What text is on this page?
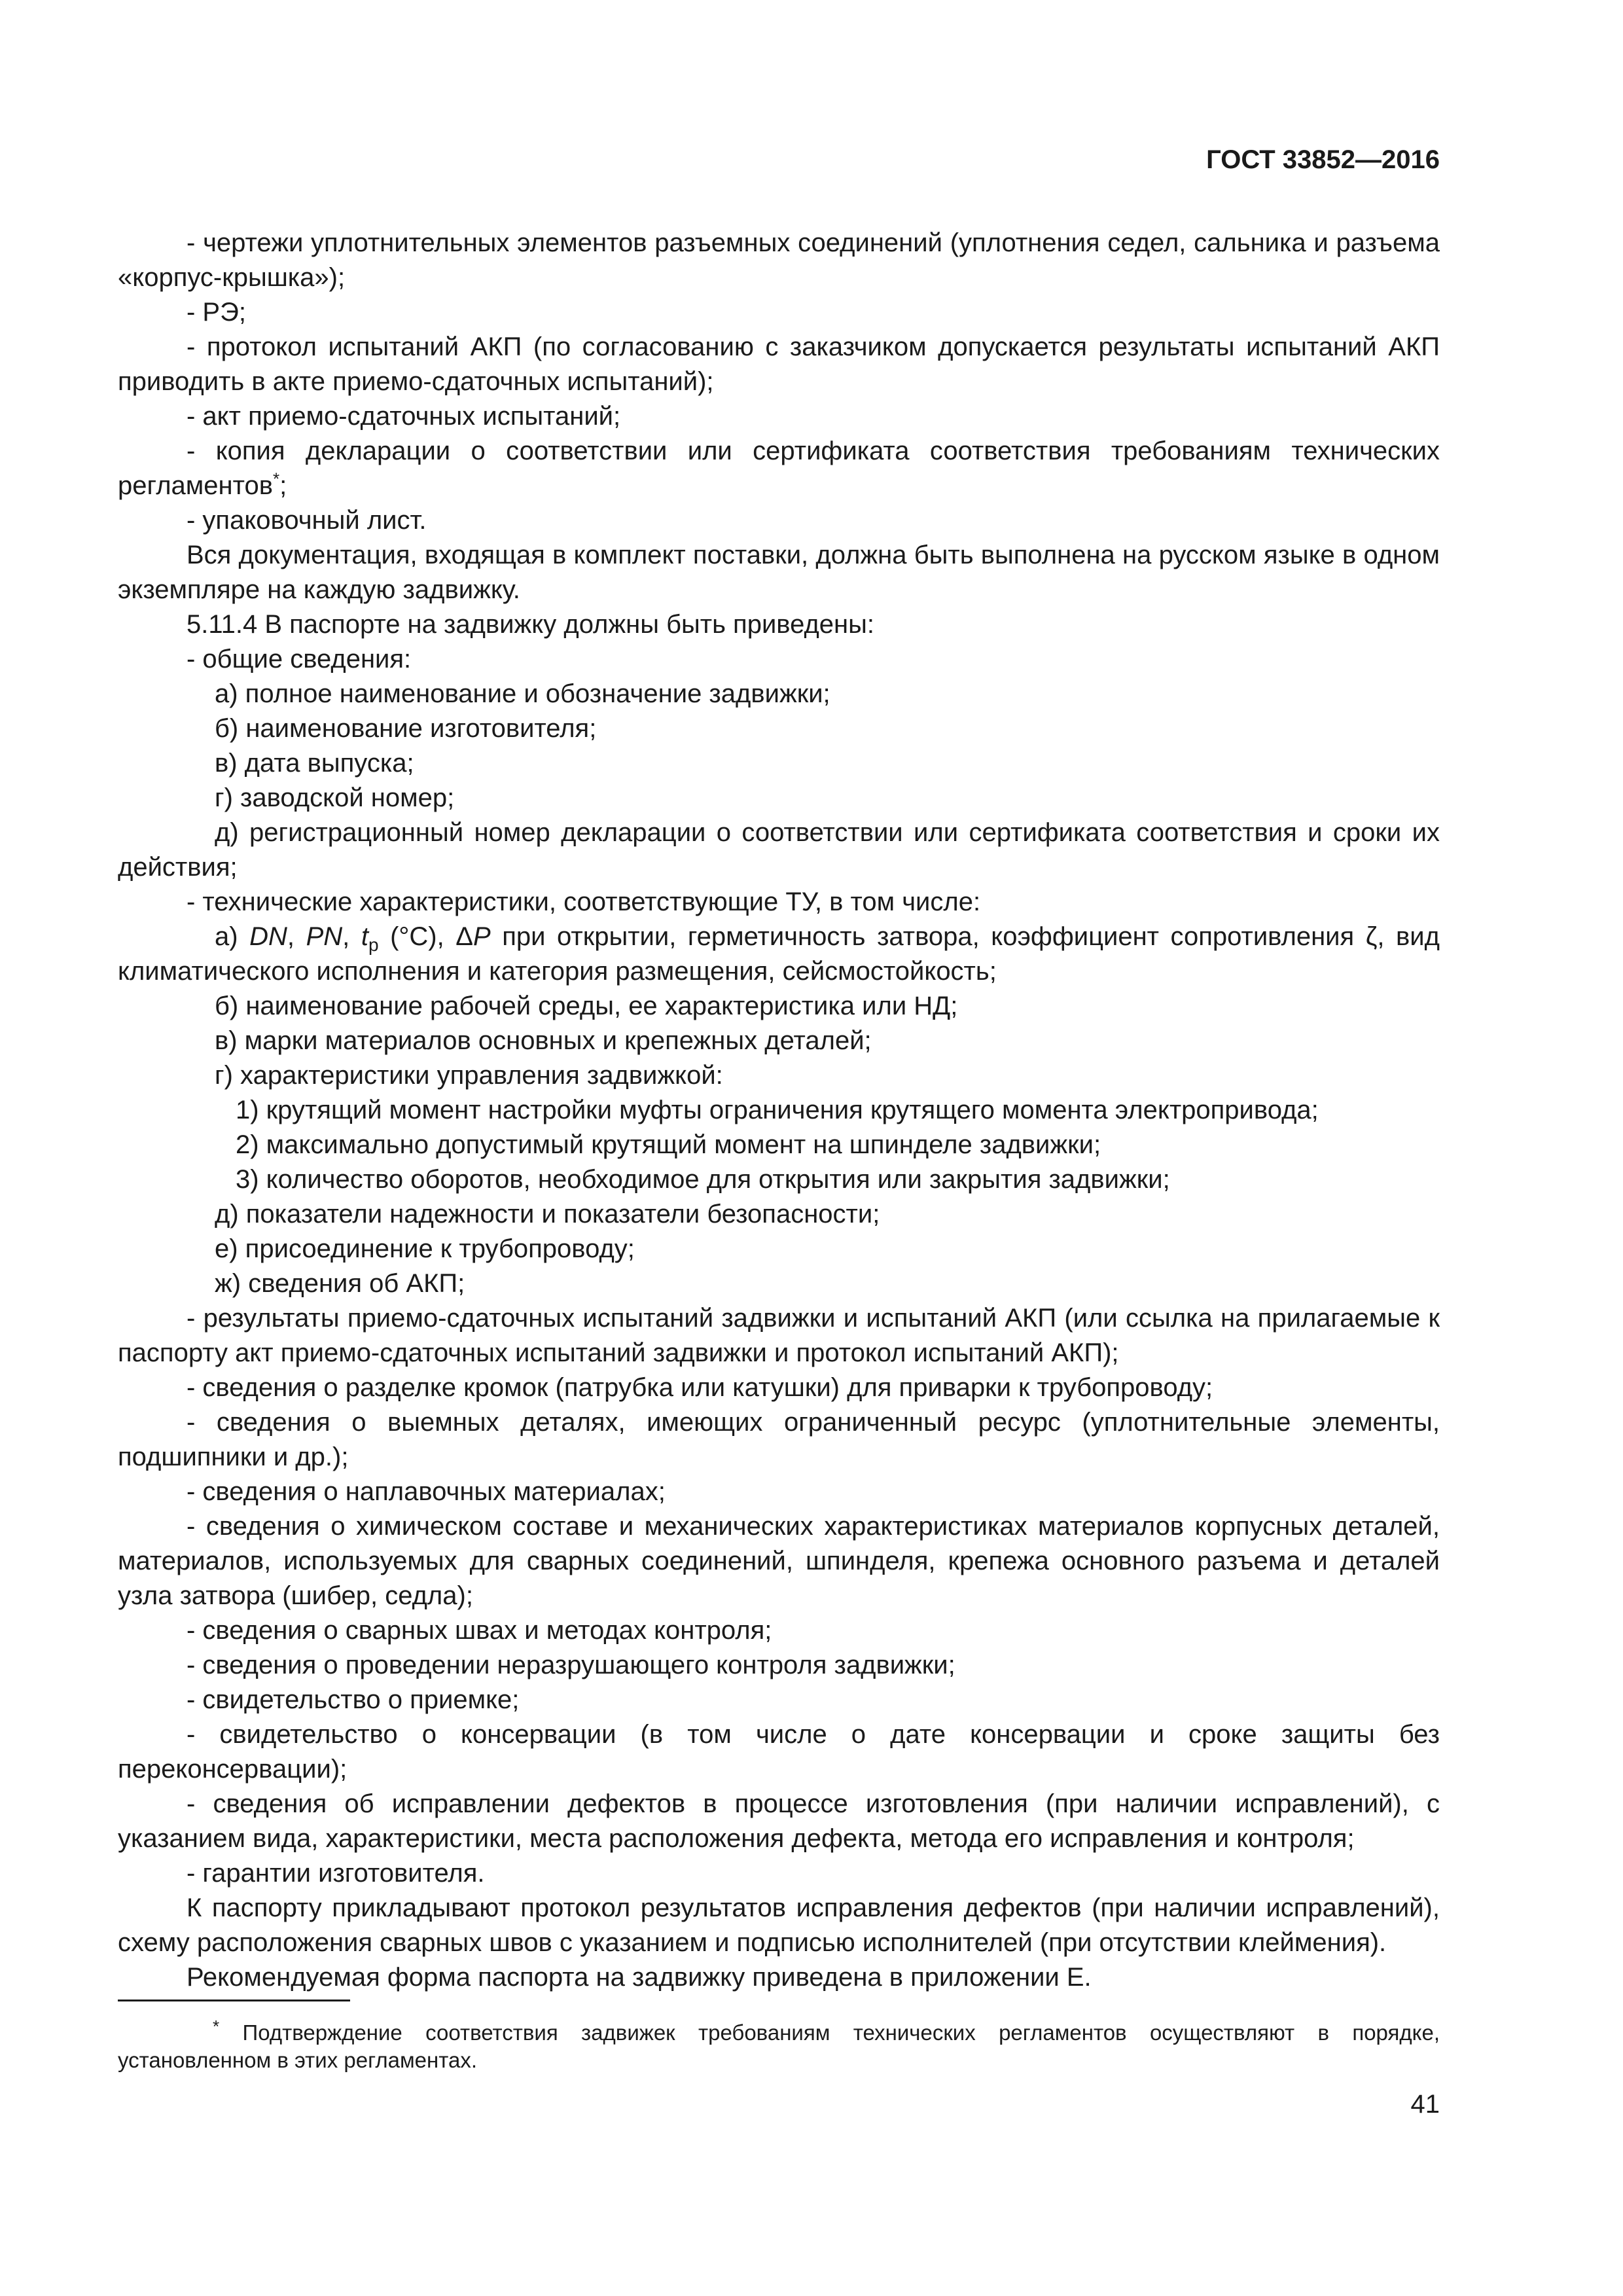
ГОСТ 33852—2016

- чертежи уплотнительных элементов разъемных соединений (уплотнения седел, сальника и разъема «корпус-крышка»);

- РЭ;

- протокол испытаний АКП (по согласованию с заказчиком допускается результаты испытаний АКП приводить в акте приемо-сдаточных испытаний);

- акт приемо-сдаточных испытаний;

- копия декларации о соответствии или сертификата соответствия требованиям технических регламентов*;

- упаковочный лист.

Вся документация, входящая в комплект поставки, должна быть выполнена на русском языке в одном экземпляре на каждую задвижку.

5.11.4 В паспорте на задвижку должны быть приведены:

- общие сведения:

а) полное наименование и обозначение задвижки;

б) наименование изготовителя;

в) дата выпуска;

г) заводской номер;

д) регистрационный номер декларации о соответствии или сертификата соответствия и сроки их действия;

- технические характеристики, соответствующие ТУ, в том числе:

а) DN, PN, $t_р$ (°C), ΔP при открытии, герметичность затвора, коэффициент сопротивления ζ, вид климатического исполнения и категория размещения, сейсмостойкость;

б) наименование рабочей среды, ее характеристика или НД;

в) марки материалов основных и крепежных деталей;

г) характеристики управления задвижкой:

1) крутящий момент настройки муфты ограничения крутящего момента электропривода;

2) максимально допустимый крутящий момент на шпинделе задвижки;

3) количество оборотов, необходимое для открытия или закрытия задвижки;

д) показатели надежности и показатели безопасности;

е) присоединение к трубопроводу;

ж) сведения об АКП;

- результаты приемо-сдаточных испытаний задвижки и испытаний АКП (или ссылка на прилагаемые к паспорту акт приемо-сдаточных испытаний задвижки и протокол испытаний АКП);

- сведения о разделке кромок (патрубка или катушки) для приварки к трубопроводу;

- сведения о выемных деталях, имеющих ограниченный ресурс (уплотнительные элементы, подшипники и др.);

- сведения о наплавочных материалах;

- сведения о химическом составе и механических характеристиках материалов корпусных деталей, материалов, используемых для сварных соединений, шпинделя, крепежа основного разъема и деталей узла затвора (шибер, седла);

- сведения о сварных швах и методах контроля;

- сведения о проведении неразрушающего контроля задвижки;

- свидетельство о приемке;

- свидетельство о консервации (в том числе о дате консервации и сроке защиты без переконсервации);

- сведения об исправлении дефектов в процессе изготовления (при наличии исправлений), с указанием вида, характеристики, места расположения дефекта, метода его исправления и контроля;

- гарантии изготовителя.

К паспорту прикладывают протокол результатов исправления дефектов (при наличии исправлений), схему расположения сварных швов с указанием и подписью исполнителей (при отсутствии клеймения).

Рекомендуемая форма паспорта на задвижку приведена в приложении Е.

* Подтверждение соответствия задвижек требованиям технических регламентов осуществляют в порядке, установленном в этих регламентах.

41
